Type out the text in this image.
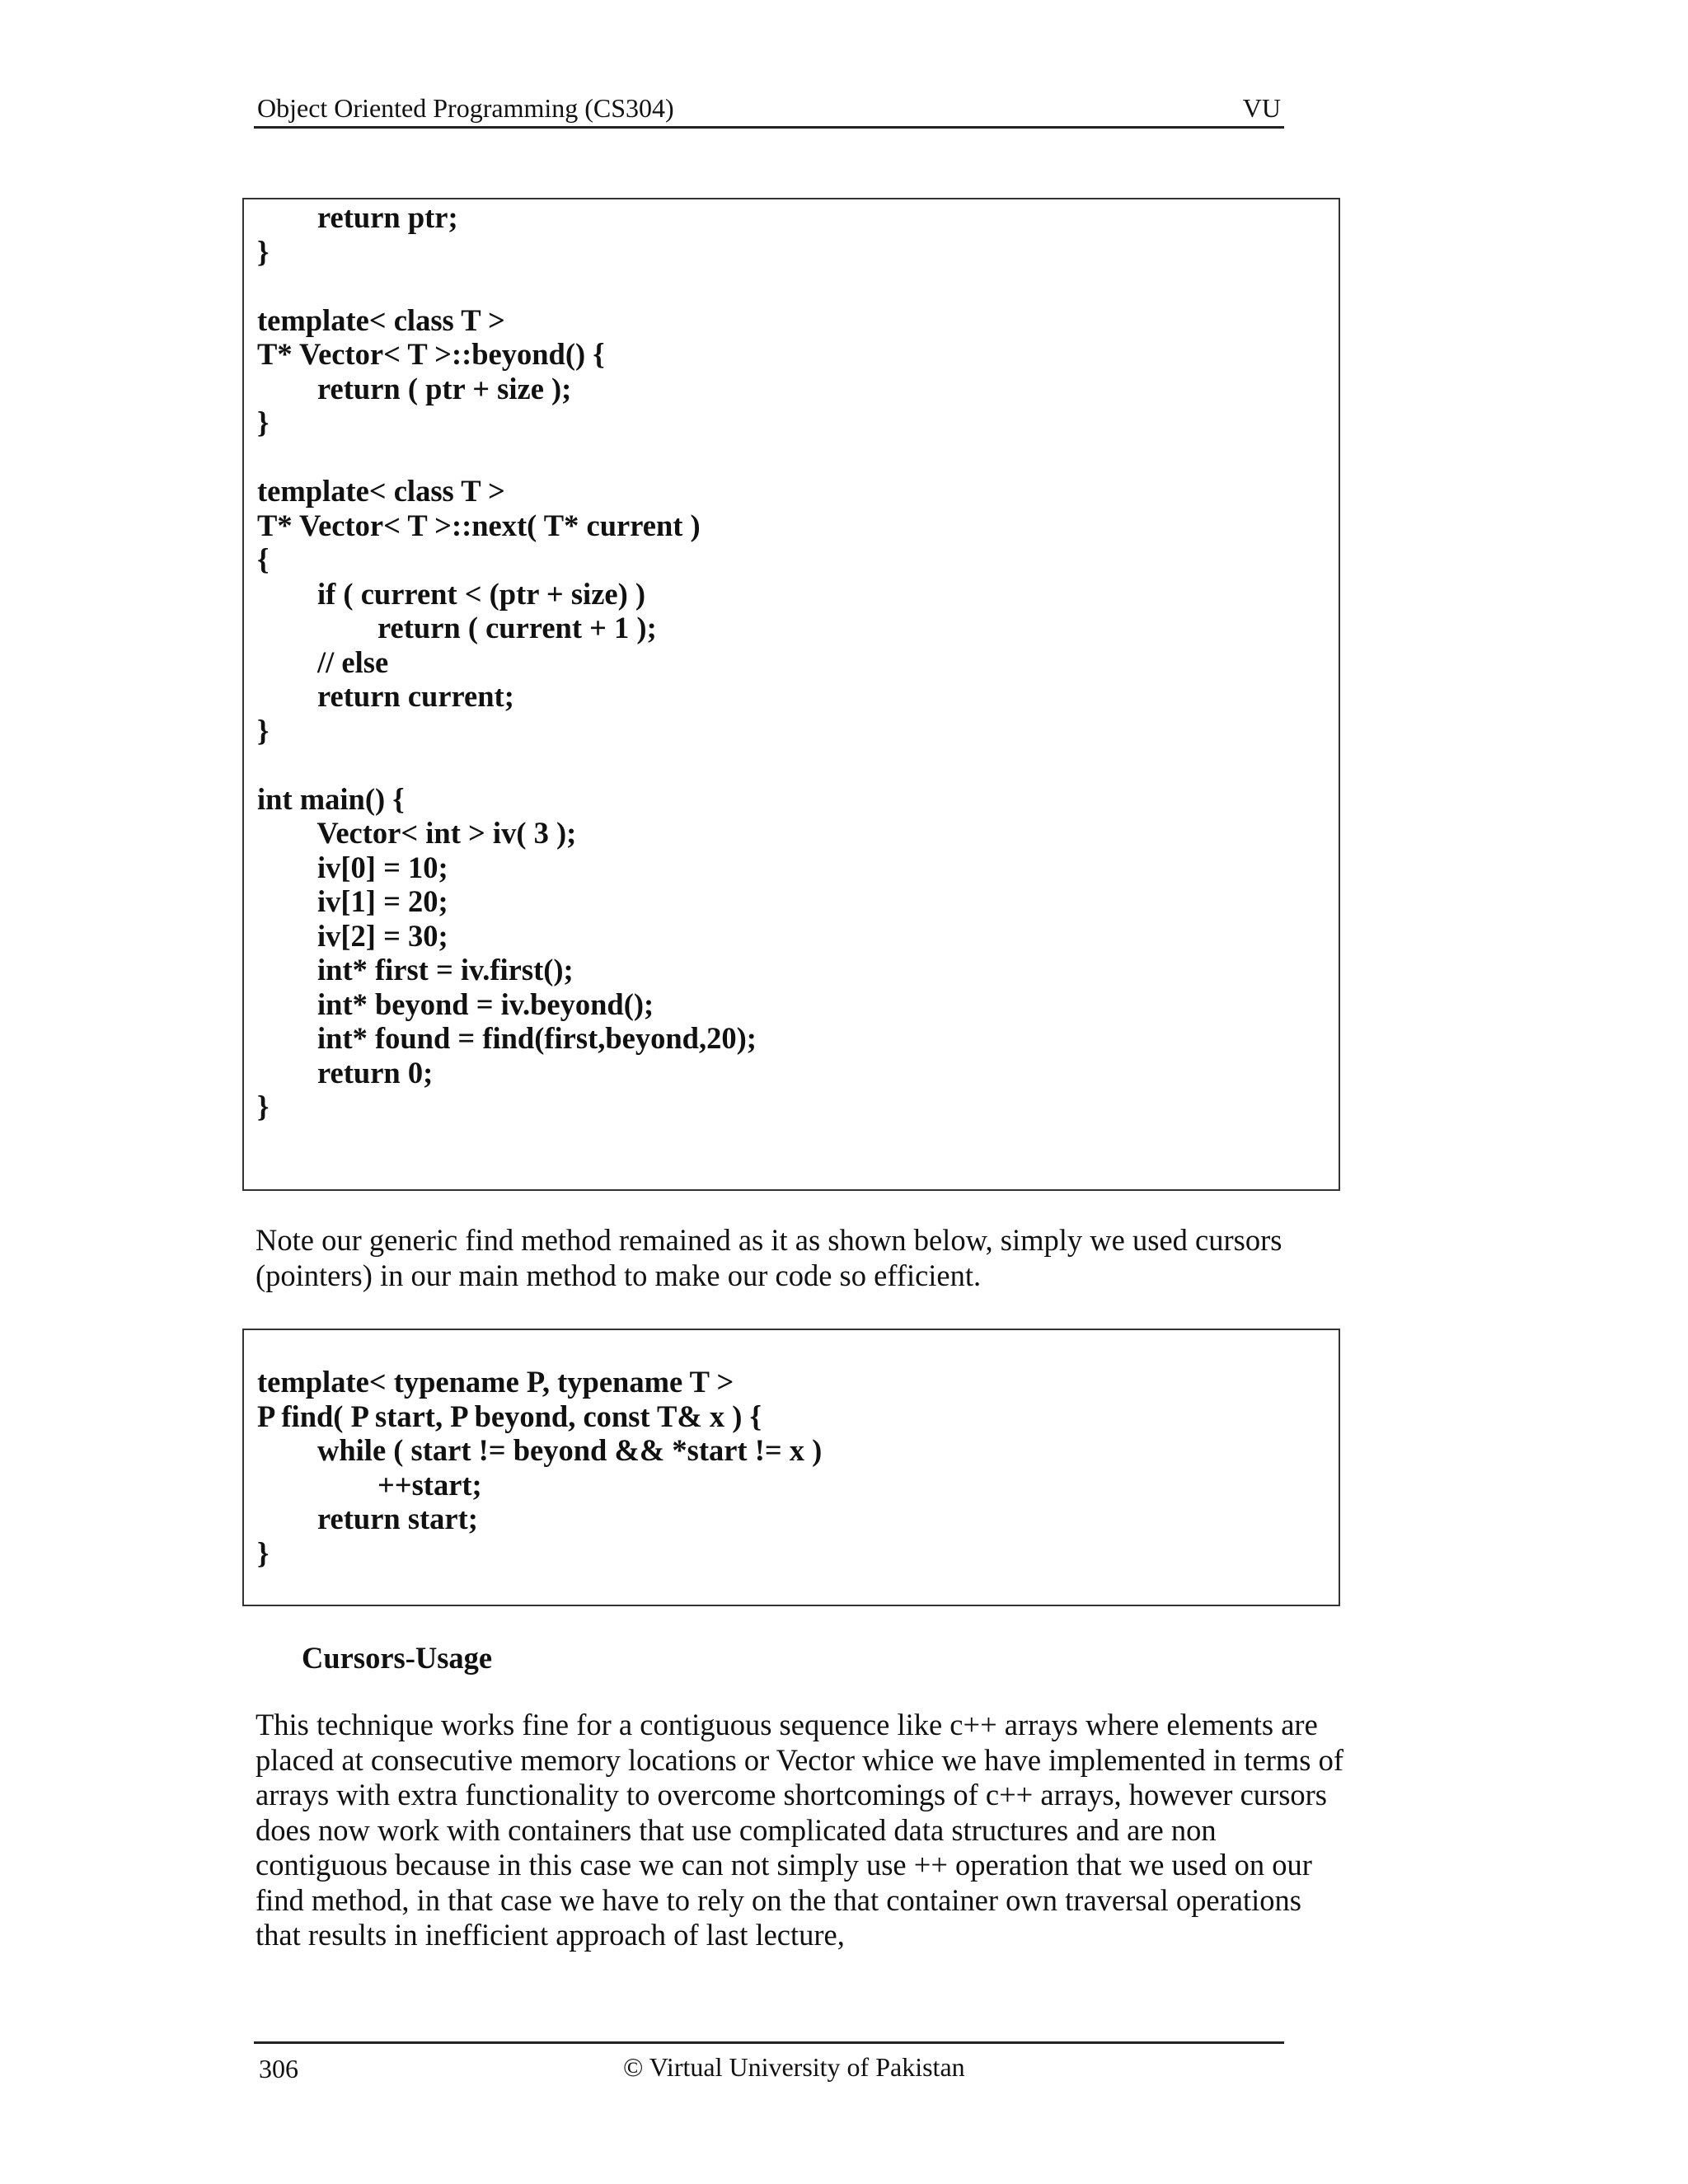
Object Oriented Programming (CS304)	VU
return ptr;
}

template< class T >
T* Vector< T >::beyond() {
return ( ptr + size );
}

template< class T >
T* Vector< T >::next( T* current )
{
if ( current < (ptr + size) )
return ( current + 1 );
// else
return current;
}

int main() {
Vector< int > iv( 3 );
iv[0] = 10;
iv[1] = 20;
iv[2] = 30;
int* first = iv.first();
int* beyond = iv.beyond();
int* found = find(first,beyond,20);
return 0;
}

Note our generic find method remained as it as shown below, simply we used cursors (pointers) in our main method to make our code so efficient.

template< typename P, typename T >
P find( P start, P beyond, const T& x ) {
while ( start != beyond && *start != x )
++start;
return start;
}
Cursors-Usage

This technique works fine for a contiguous sequence like c++ arrays where elements are placed at consecutive memory locations or Vector whice we have implemented in terms of arrays with extra functionality to overcome shortcomings of c++ arrays, however cursors does now work with containers that use complicated data structures and are non contiguous because in this case we can not simply use ++ operation that we used on our find method, in that case we have to rely on the that container own traversal operations that results in inefficient approach of last lecture,

306	© Virtual University of Pakistan
